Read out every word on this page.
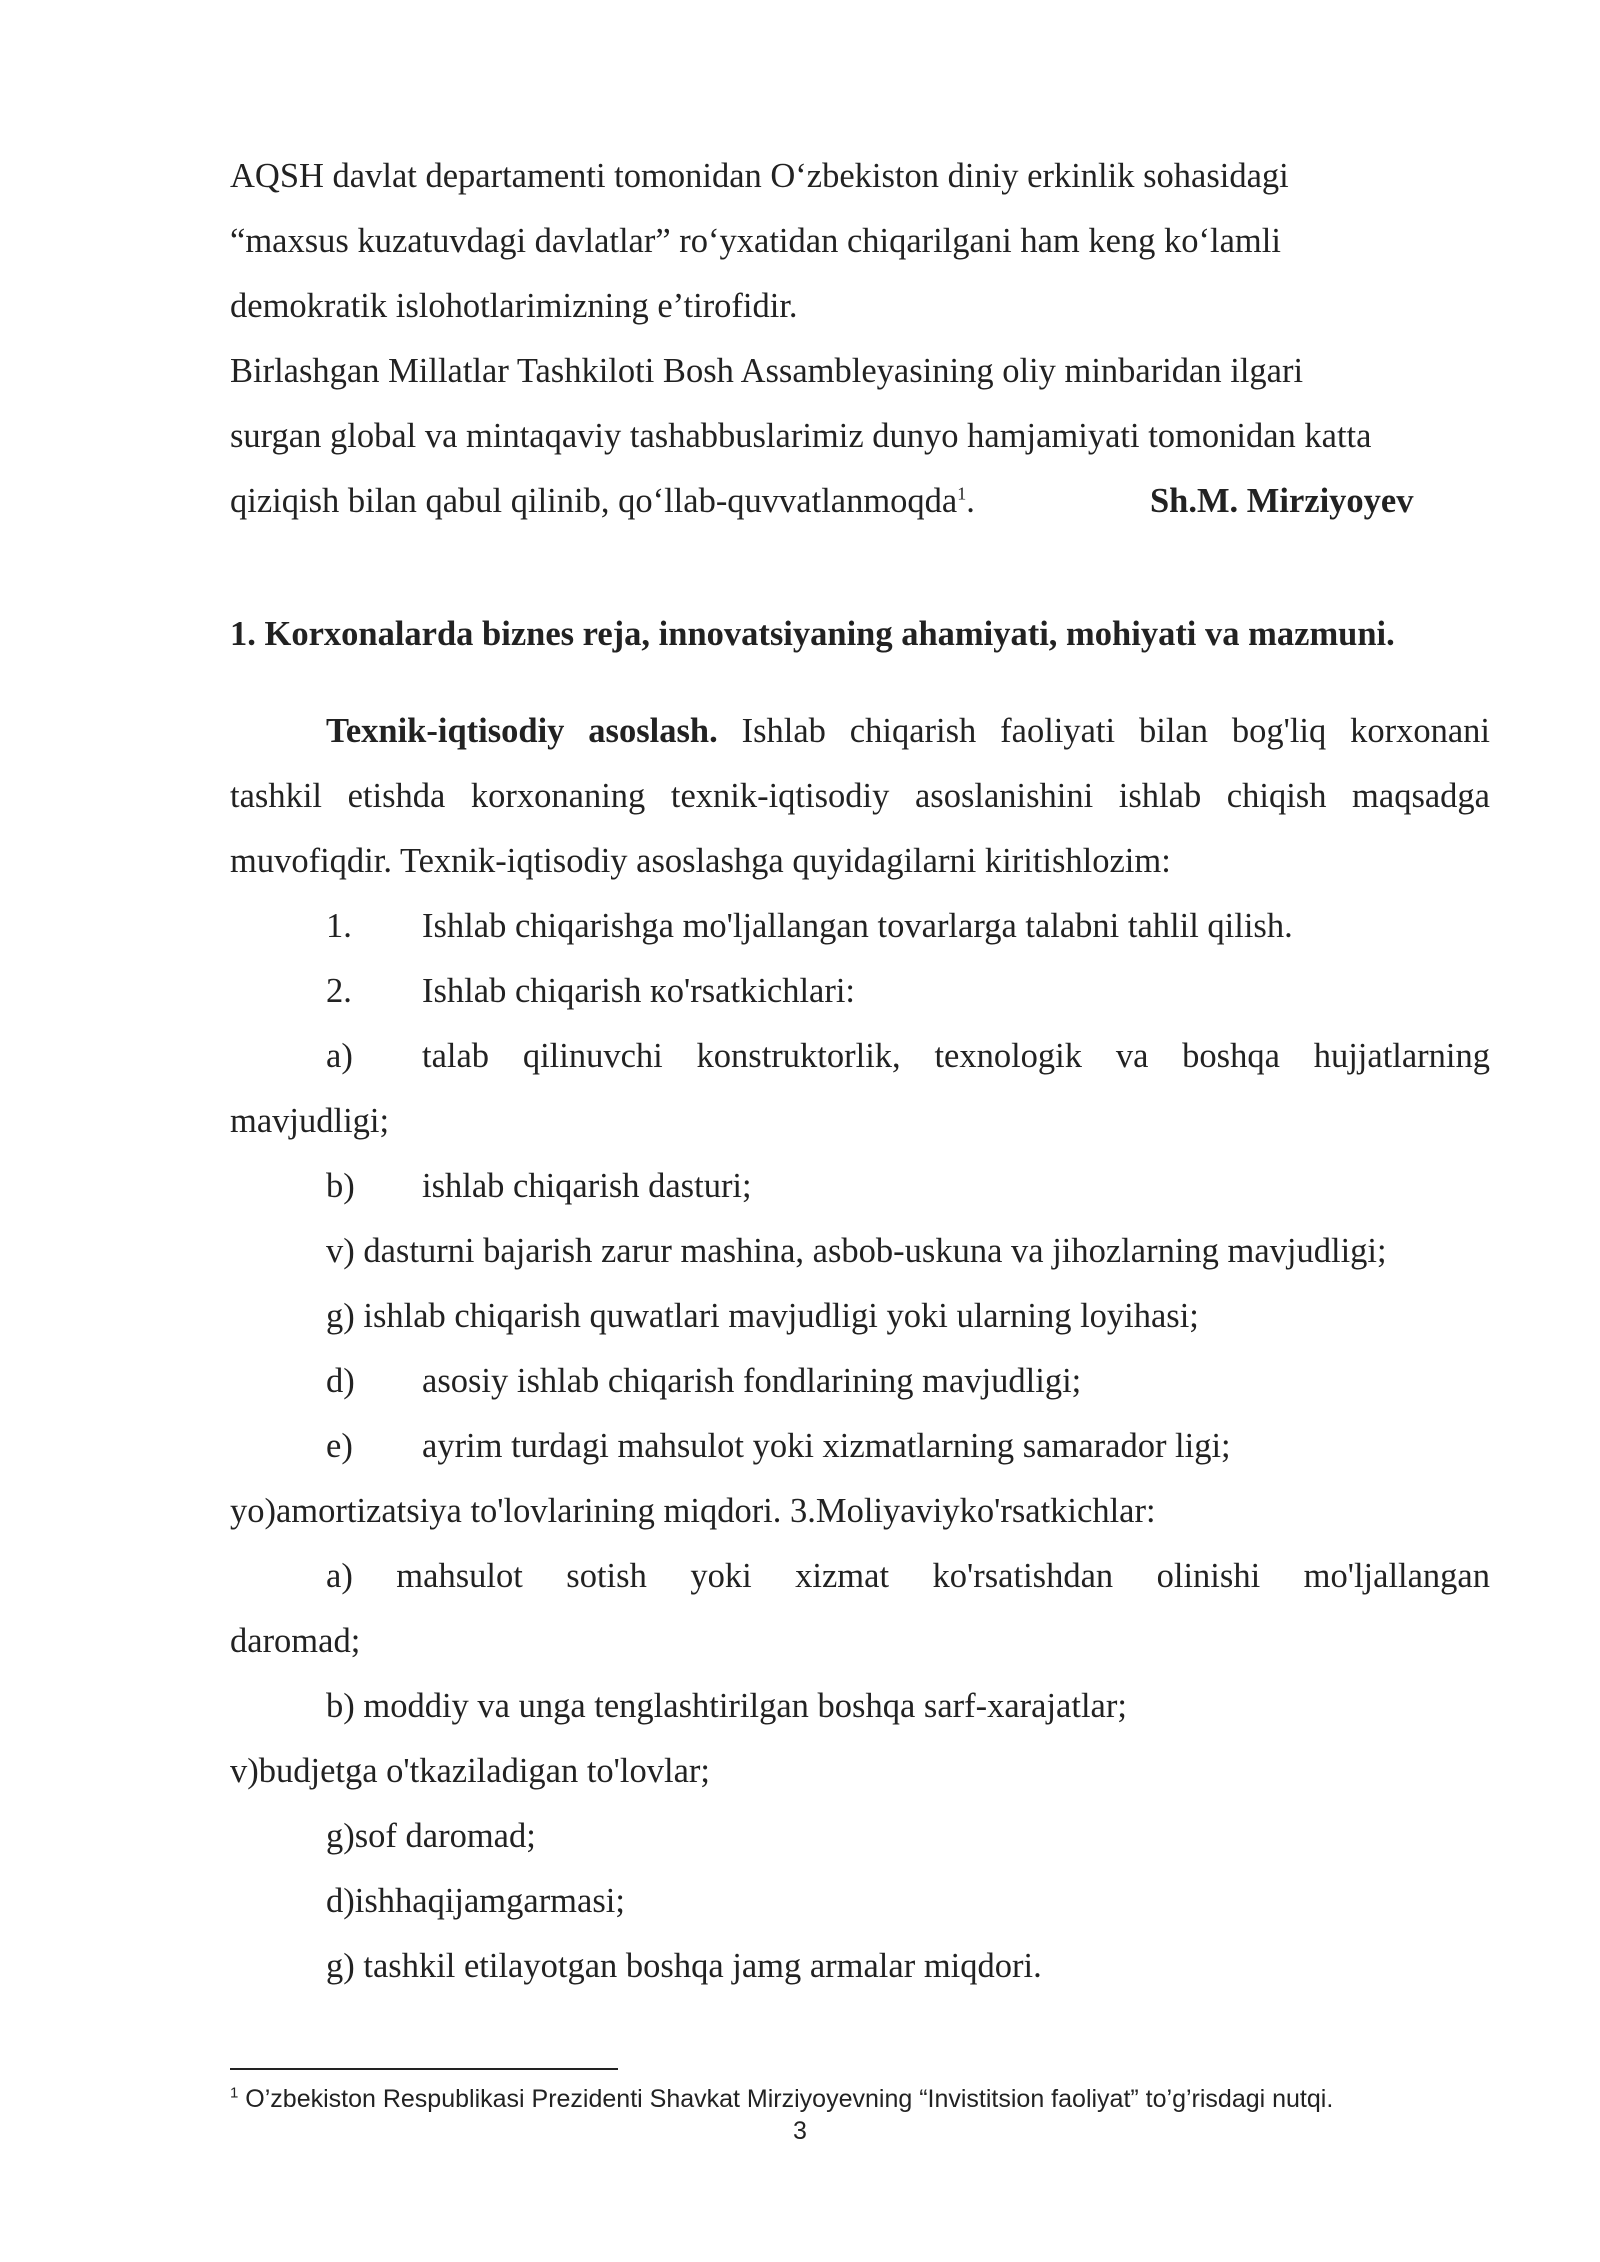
AQSH davlat departamenti tomonidan O‘zbekiston diniy erkinlik sohasidagi

“maxsus kuzatuvdagi davlatlar” ro‘yxatidan chiqarilgani ham keng ko‘lamli

demokratik islohotlarimizning e’tirofidir.

Birlashgan Millatlar Tashkiloti Bosh Assambleyasining oliy minbaridan ilgari

surgan global va mintaqaviy tashabbuslarimiz dunyo hamjamiyati tomonidan katta

qiziqish bilan qabul qilinib, qo‘llab-quvvatlanmoqda$^1$.	Sh.M. Mirziyoyev

1. Korxonalarda biznes reja, innovatsiyaning ahamiyati, mohiyati va mazmuni.

Texnik-iqtisodiy asoslash. Ishlab chiqarish faoliyati bilan bog'liq korxonani

tashkil etishda korxonaning texnik-iqtisodiy asoslanishini ishlab chiqish maqsadga

muvofiqdir. Texnik-iqtisodiy asoslashga quyidagilarni kiritishlozim:

1. Ishlab chiqarishga mo'ljallangan tovarlarga talabni tahlil qilish.

2. Ishlab chiqarish кo'rsatkichlari:

a) talab qilinuvchi konstruktorlik, texnologik va boshqa hujjatlarning

mavjudligi;

b) ishlab chiqarish dasturi;

v) dasturni bajarish zarur mashina, asbob-uskuna va jihozlarning mavjudligi;

g) ishlab chiqarish quwatlari mavjudligi yoki ularning loyihasi;

d) asosiy ishlab chiqarish fondlarining mavjudligi;

e) ayrim turdagi mahsulot yoki xizmatlarning samarador ligi;

yo)amortizatsiya to'lovlarining miqdori. 3.Moliyaviyko'rsatkichlar:

a) mahsulot sotish yoki xizmat ko'rsatishdan olinishi mo'ljallangan

daromad;

b) moddiy va unga tenglashtirilgan boshqa sarf-xarajatlar;

v)budjetga o'tkaziladigan to'lovlar;

g)sof daromad;

d)ishhaqijamgarmasi;

g) tashkil etilayotgan boshqa jamg armalar miqdori.

$^1$ O’zbekiston Respublikasi Prezidenti Shavkat Mirziyoyevning “Invistitsion faoliyat” to’g’risdagi nutqi.

3
